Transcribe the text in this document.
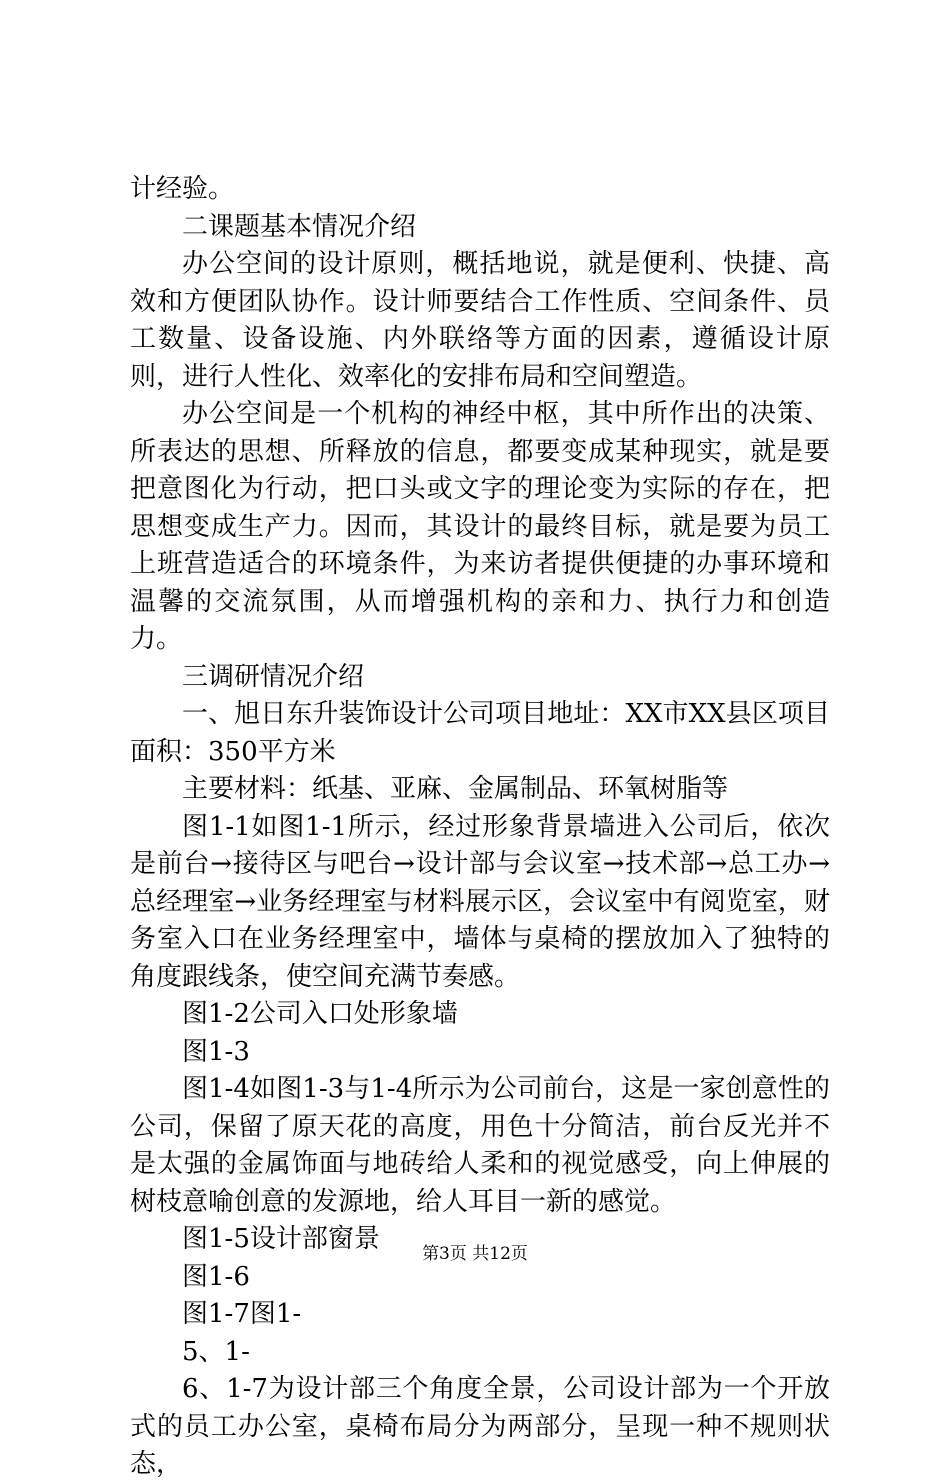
计经验。

二课题基本情况介绍

办公空间的设计原则，概括地说，就是便利、快捷、高效和方便团队协作。设计师要结合工作性质、空间条件、员工数量、设备设施、内外联络等方面的因素，遵循设计原则，进行人性化、效率化的安排布局和空间塑造。

办公空间是一个机构的神经中枢，其中所作出的决策、所表达的思想、所释放的信息，都要变成某种现实，就是要把意图化为行动，把口头或文字的理论变为实际的存在，把思想变成生产力。因而，其设计的最终目标，就是要为员工上班营造适合的环境条件，为来访者提供便捷的办事环境和温馨的交流氛围，从而增强机构的亲和力、执行力和创造力。

三调研情况介绍

一、旭日东升装饰设计公司项目地址：XX市XX县区项目面积：350平方米

主要材料：纸基、亚麻、金属制品、环氧树脂等

图1-1如图1-1所示，经过形象背景墙进入公司后，依次是前台→接待区与吧台→设计部与会议室→技术部→总工办→总经理室→业务经理室与材料展示区，会议室中有阅览室，财务室入口在业务经理室中，墙体与桌椅的摆放加入了独特的角度跟线条，使空间充满节奏感。

图1-2公司入口处形象墙

图1-3

图1-4如图1-3与1-4所示为公司前台，这是一家创意性的公司，保留了原天花的高度，用色十分简洁，前台反光并不是太强的金属饰面与地砖给人柔和的视觉感受，向上伸展的树枝意喻创意的发源地，给人耳目一新的感觉。

图1-5设计部窗景

图1-6

图1-7图1-

5、1-

6、1-7为设计部三个角度全景，公司设计部为一个开放式的员工办公室，桌椅布局分为两部分，呈现一种不规则状态，

第3页 共12页
